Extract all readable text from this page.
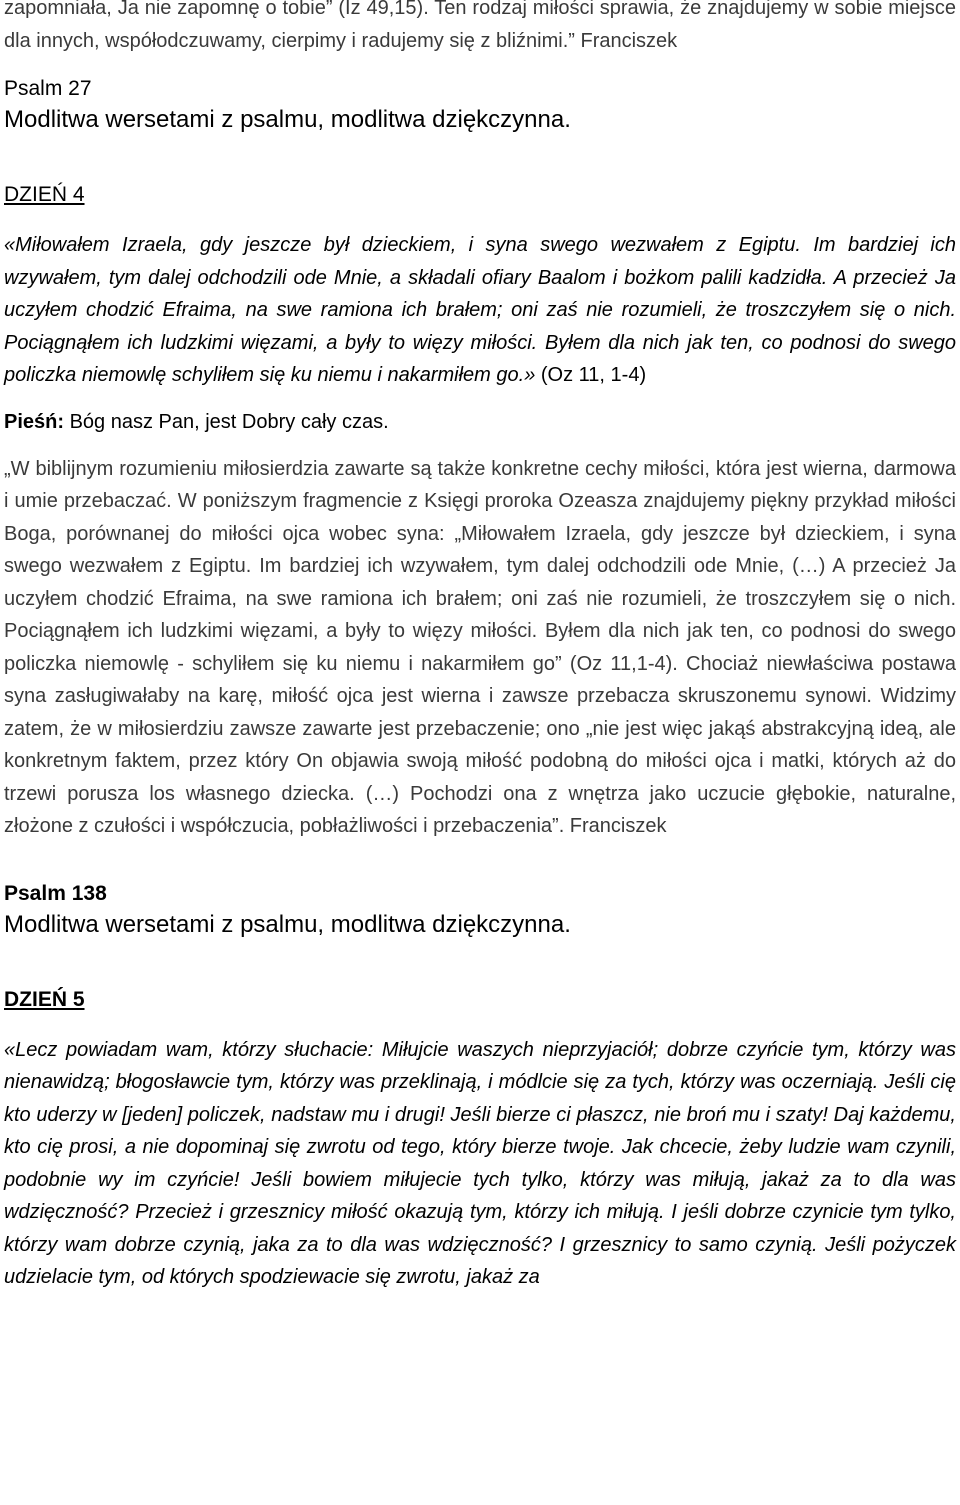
zapomniała, Ja nie zapomnę o tobie” (Iz 49,15). Ten rodzaj miłości sprawia, że znajdujemy w sobie miejsce dla innych, współodczuwamy, cierpimy i radujemy się z bliźnimi.” Franciszek

Psalm 27

Modlitwa wersetami z psalmu, modlitwa dziękczynna.

DZIEŃ 4

«Miłowałem Izraela, gdy jeszcze był dzieckiem, i syna swego wezwałem z Egiptu. Im bardziej ich wzywałem, tym dalej odchodzili ode Mnie, a składali ofiary Baalom i bożkom palili kadzidła. A przecież Ja uczyłem chodzić Efraima, na swe ramiona ich brałem; oni zaś nie rozumieli, że troszczyłem się o nich. Pociągnąłem ich ludzkimi więzami, a były to więzy miłości. Byłem dla nich jak ten, co podnosi do swego policzka niemowlę schyliłem się ku niemu i nakarmiłem go.» (Oz 11, 1-4)

Pieśń: Bóg nasz Pan, jest Dobry cały czas.

„W biblijnym rozumieniu miłosierdzia zawarte są także konkretne cechy miłości, która jest wierna, darmowa i umie przebaczać. W poniższym fragmencie z Księgi proroka Ozeasza znajdujemy piękny przykład miłości Boga, porównanej do miłości ojca wobec syna: „Miłowałem Izraela, gdy jeszcze był dzieckiem, i syna swego wezwałem z Egiptu. Im bardziej ich wzywałem, tym dalej odchodzili ode Mnie, (…) A przecież Ja uczyłem chodzić Efraima, na swe ramiona ich brałem; oni zaś nie rozumieli, że troszczyłem się o nich. Pociągnąłem ich ludzkimi więzami, a były to więzy miłości. Byłem dla nich jak ten, co podnosi do swego policzka niemowlę - schyliłem się ku niemu i nakarmiłem go” (Oz 11,1-4). Chociaż niewłaściwa postawa syna zasługiwałaby na karę, miłość ojca jest wierna i zawsze przebacza skruszonemu synowi. Widzimy zatem, że w miłosierdziu zawsze zawarte jest przebaczenie; ono „nie jest więc jakąś abstrakcyjną ideą, ale konkretnym faktem, przez który On objawia swoją miłość podobną do miłości ojca i matki, których aż do trzewi porusza los własnego dziecka. (…) Pochodzi ona z wnętrza jako uczucie głębokie, naturalne, złożone z czułości i współczucia, pobłażliwości i przebaczenia”. Franciszek

Psalm 138

Modlitwa wersetami z psalmu, modlitwa dziękczynna.

DZIEŃ 5

«Lecz powiadam wam, którzy słuchacie: Miłujcie waszych nieprzyjaciół; dobrze czyńcie tym, którzy was nienawidzą; błogosławcie tym, którzy was przeklinają, i módlcie się za tych, którzy was oczerniają. Jeśli cię kto uderzy w [jeden] policzek, nadstaw mu i drugi! Jeśli bierze ci płaszcz, nie broń mu i szaty! Daj każdemu, kto cię prosi, a nie dopominaj się zwrotu od tego, który bierze twoje. Jak chcecie, żeby ludzie wam czynili, podobnie wy im czyńcie! Jeśli bowiem miłujecie tych tylko, którzy was miłują, jakaż za to dla was wdzięczność? Przecież i grzesznicy miłość okazują tym, którzy ich miłują. I jeśli dobrze czynicie tym tylko, którzy wam dobrze czynią, jaka za to dla was wdzięczność? I grzesznicy to samo czynią. Jeśli pożyczek udzielacie tym, od których spodziewacie się zwrotu, jakaż za
